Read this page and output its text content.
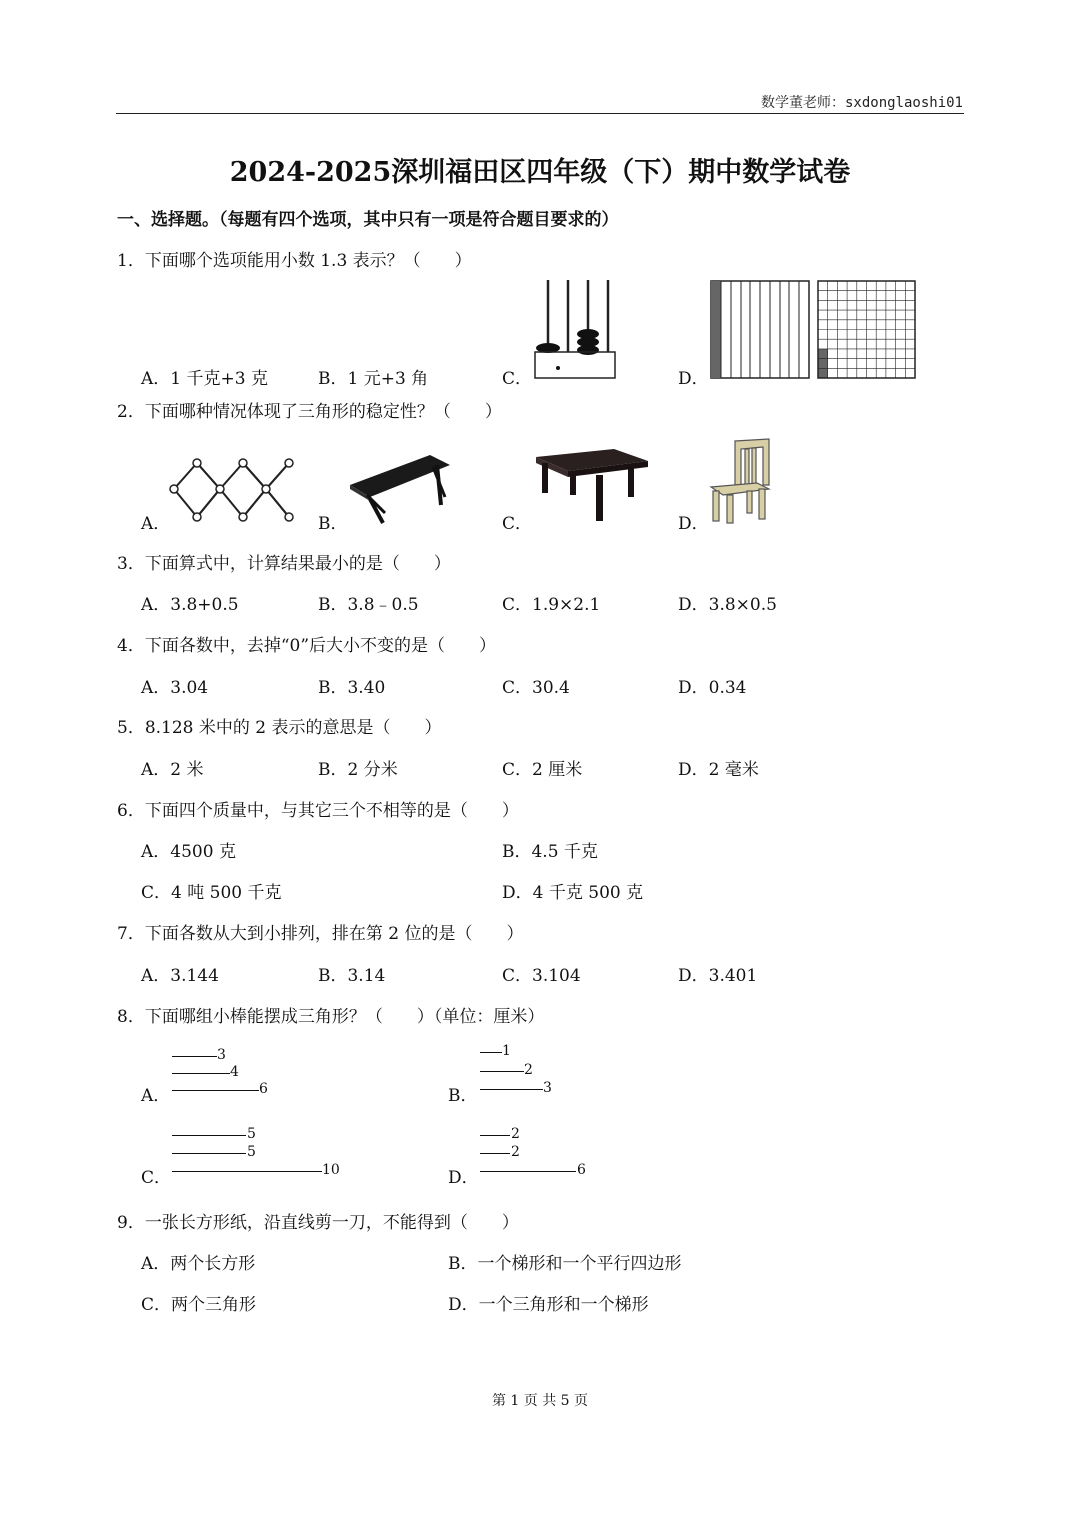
数学董老师：sxdonglaoshi01
2024-2025深圳福田区四年级（下）期中数学试卷
一、选择题。（每题有四个选项，其中只有一项是符合题目要求的）
1．下面哪个选项能用小数 1.3 表示？（　　）
A．1 千克+3 克	B．1 元+3 角	C．	D．
2．下面哪种情况体现了三角形的稳定性？（　　）
A．	B．	C．	D．
3．下面算式中，计算结果最小的是（　　）
A．3.8+0.5	B．3.8﹣0.5	C．1.9×2.1	D．3.8×0.5
4．下面各数中，去掉“0”后大小不变的是（　　）
A．3.04	B．3.40	C．30.4	D．0.34
5．8.128 米中的 2 表示的意思是（　　）
A．2 米	B．2 分米	C．2 厘米	D．2 毫米
6．下面四个质量中，与其它三个不相等的是（　　）
A．4500 克	B．4.5 千克
C．4 吨 500 千克	D．4 千克 500 克
7．下面各数从大到小排列，排在第 2 位的是（　　）
A．3.144	B．3.14	C．3.104	D．3.401
8．下面哪组小棒能摆成三角形？（　　）（单位：厘米）
A．	B．
C．	D．
3
4
6
1
2
3
5
5
10
2
2
6
9．一张长方形纸，沿直线剪一刀，不能得到（　　）
A．两个长方形	B．一个梯形和一个平行四边形
C．两个三角形	D．一个三角形和一个梯形
第 1 页 共 5 页
